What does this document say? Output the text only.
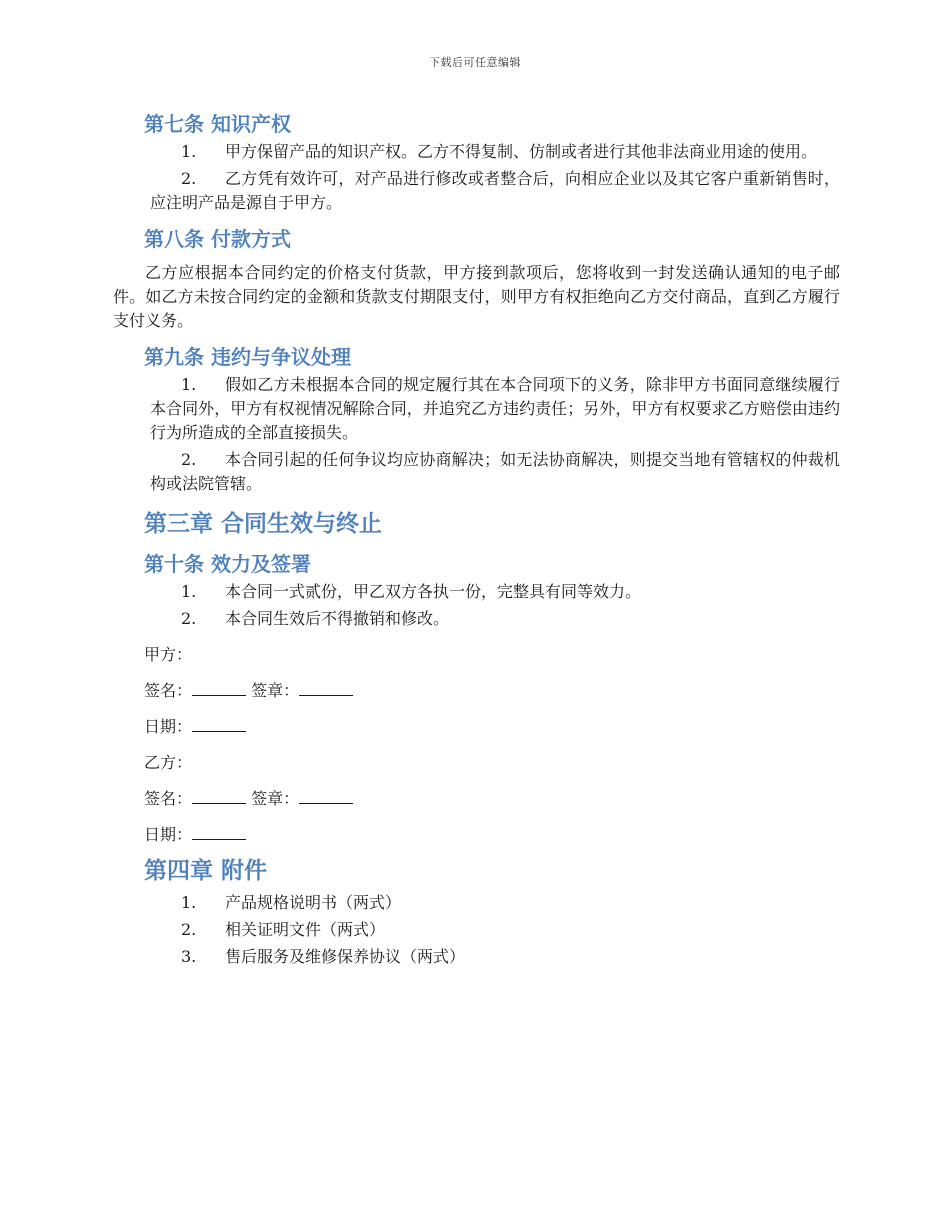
下载后可任意编辑
第七条 知识产权
1.	甲方保留产品的知识产权。乙方不得复制、仿制或者进行其他非法商业用途的使用。
2.	乙方凭有效许可，对产品进行修改或者整合后，向相应企业以及其它客户重新销售时，应注明产品是源自于甲方。
第八条 付款方式

乙方应根据本合同约定的价格支付货款，甲方接到款项后，您将收到一封发送确认通知的电子邮件。如乙方未按合同约定的金额和货款支付期限支付，则甲方有权拒绝向乙方交付商品，直到乙方履行支付义务。

第九条 违约与争议处理
1.	假如乙方未根据本合同的规定履行其在本合同项下的义务，除非甲方书面同意继续履行本合同外，甲方有权视情况解除合同，并追究乙方违约责任；另外，甲方有权要求乙方赔偿由违约行为所造成的全部直接损失。
2.	本合同引起的任何争议均应协商解决；如无法协商解决，则提交当地有管辖权的仲裁机构或法院管辖。
第三章 合同生效与终止
第十条 效力及签署
1.	本合同一式贰份，甲乙双方各执一份，完整具有同等效力。
2.	本合同生效后不得撤销和修改。
甲方：
签名：	签章：
日期：
乙方：
签名：	签章：
日期：
第四章 附件
1.	产品规格说明书（两式）
2.	相关证明文件（两式）
3.	售后服务及维修保养协议（两式）
